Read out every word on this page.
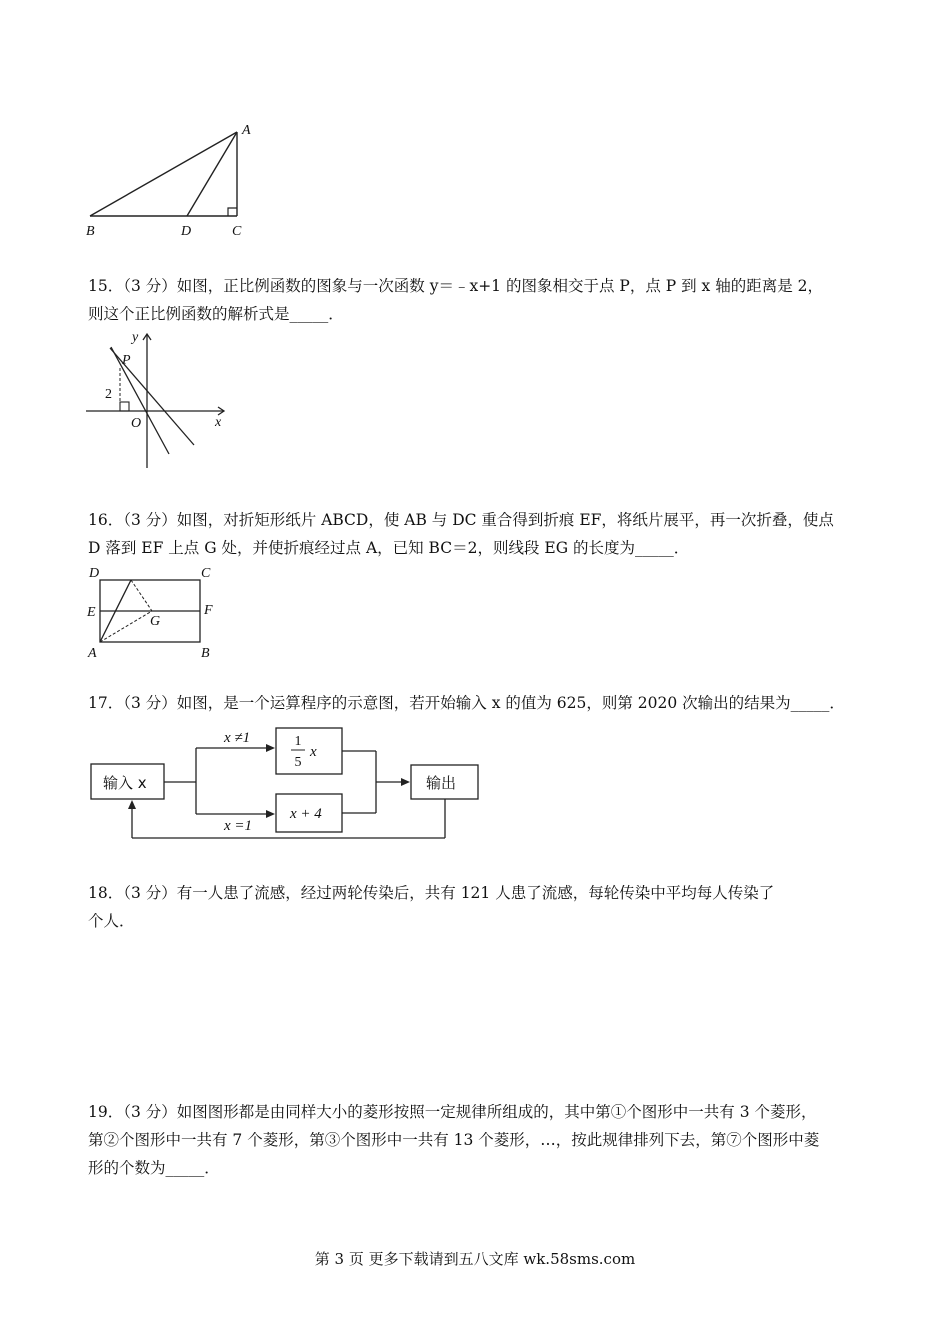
A
B	D	C

15．（3 分）如图，正比例函数的图象与一次函数 y＝﹣x+1 的图象相交于点 P，点 P 到 x 轴的距离是 2，

则这个正比例函数的解析式是_____．

y
x
P
O
2

16．（3 分）如图，对折矩形纸片 ABCD，使 AB 与 DC 重合得到折痕 EF，将纸片展平，再一次折叠，使点

D 落到 EF 上点 G 处，并使折痕经过点 A，已知 BC＝2，则线段 EG 的长度为_____．

D	C
E	F
G
A	B

17．（3 分）如图，是一个运算程序的示意图，若开始输入 x 的值为 625，则第 2020 次输出的结果为_____．

输入 x
x ≠1
x =1
1
5
x
x + 4
输出

18．（3 分）有一人患了流感，经过两轮传染后，共有 121 人患了流感，每轮传染中平均每人传染了

个人．

19．（3 分）如图图形都是由同样大小的菱形按照一定规律所组成的，其中第①个图形中一共有 3 个菱形，

第②个图形中一共有 7 个菱形，第③个图形中一共有 13 个菱形，…，按此规律排列下去，第⑦个图形中菱

形的个数为_____．

第 3 页 更多下载请到五八文库 wk.58sms.com
